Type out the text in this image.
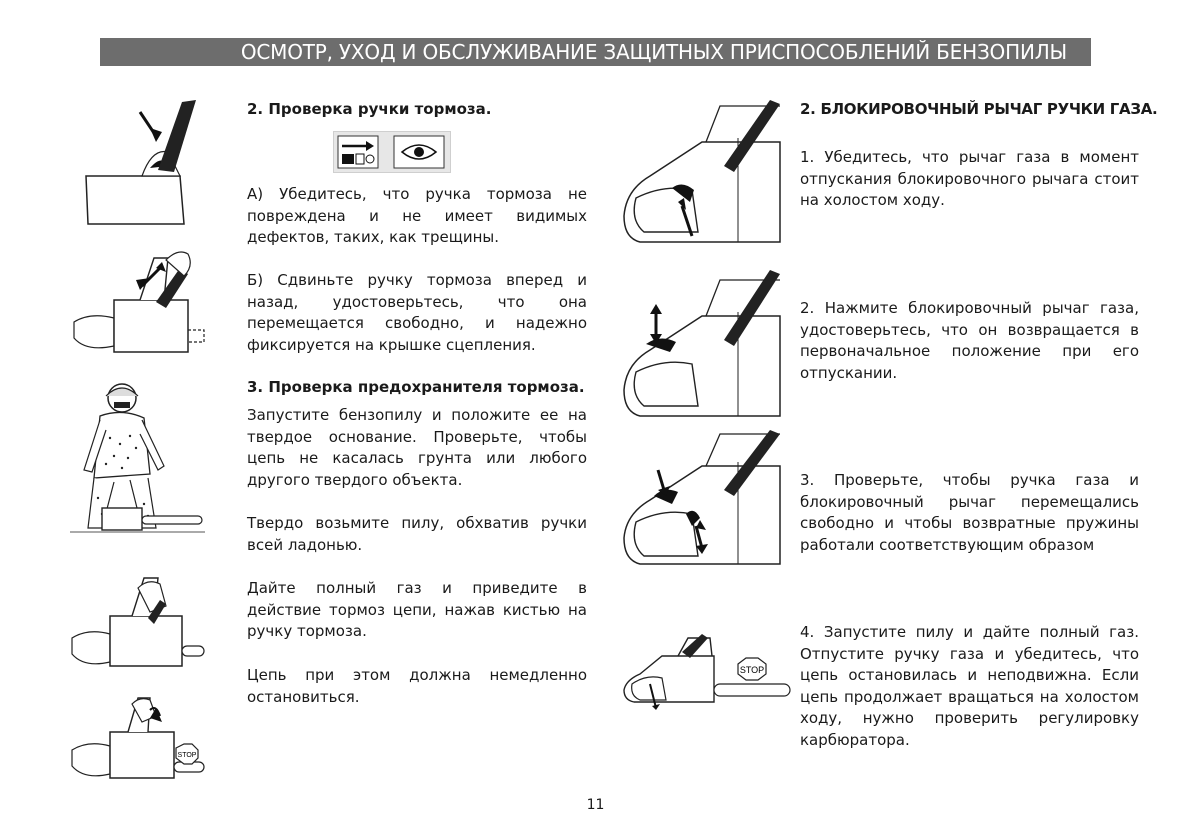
ОСМОТР, УХОД И ОБСЛУЖИВАНИЕ ЗАЩИТНЫХ ПРИСПОСОБЛЕНИЙ БЕНЗОПИЛЫ
STOP
2. Проверка ручки тормоза.

А) Убедитесь, что ручка тормоза не повреждена и не имеет видимых дефектов, таких, как трещины.

Б) Сдвиньте ручку тормоза вперед и назад, удостоверьтесь, что она перемещается свободно, и надежно фиксируется на крышке сцепления.

3. Проверка предохранителя тормоза.

Запустите бензопилу и положите ее на твердое основание. Проверьте, чтобы цепь не касалась грунта или любого другого твердого объекта.

Твердо возьмите пилу, обхватив ручки всей ладонью.

Дайте полный газ и приведите в действие тормоз цепи, нажав кистью на ручку тормоза.

Цепь при этом должна немедленно остановиться.

STOP
2. БЛОКИРОВОЧНЫЙ РЫЧАГ РУЧКИ ГАЗА.

1. Убедитесь, что рычаг газа в момент отпускания блокировочного рычага стоит на холостом ходу.

2. Нажмите блокировочный рычаг газа, удостоверьтесь, что он возвращается в первоначальное положение при его отпускании.

3. Проверьте, чтобы ручка газа и блокировочный рычаг перемещались свободно и чтобы возвратные пружины работали соответствующим образом

4. Запустите пилу и дайте полный газ. Отпустите ручку газа и убедитесь, что цепь остановилась и неподвижна. Если цепь продолжает вращаться на холостом ходу, нужно проверить регулировку карбюратора.

11
